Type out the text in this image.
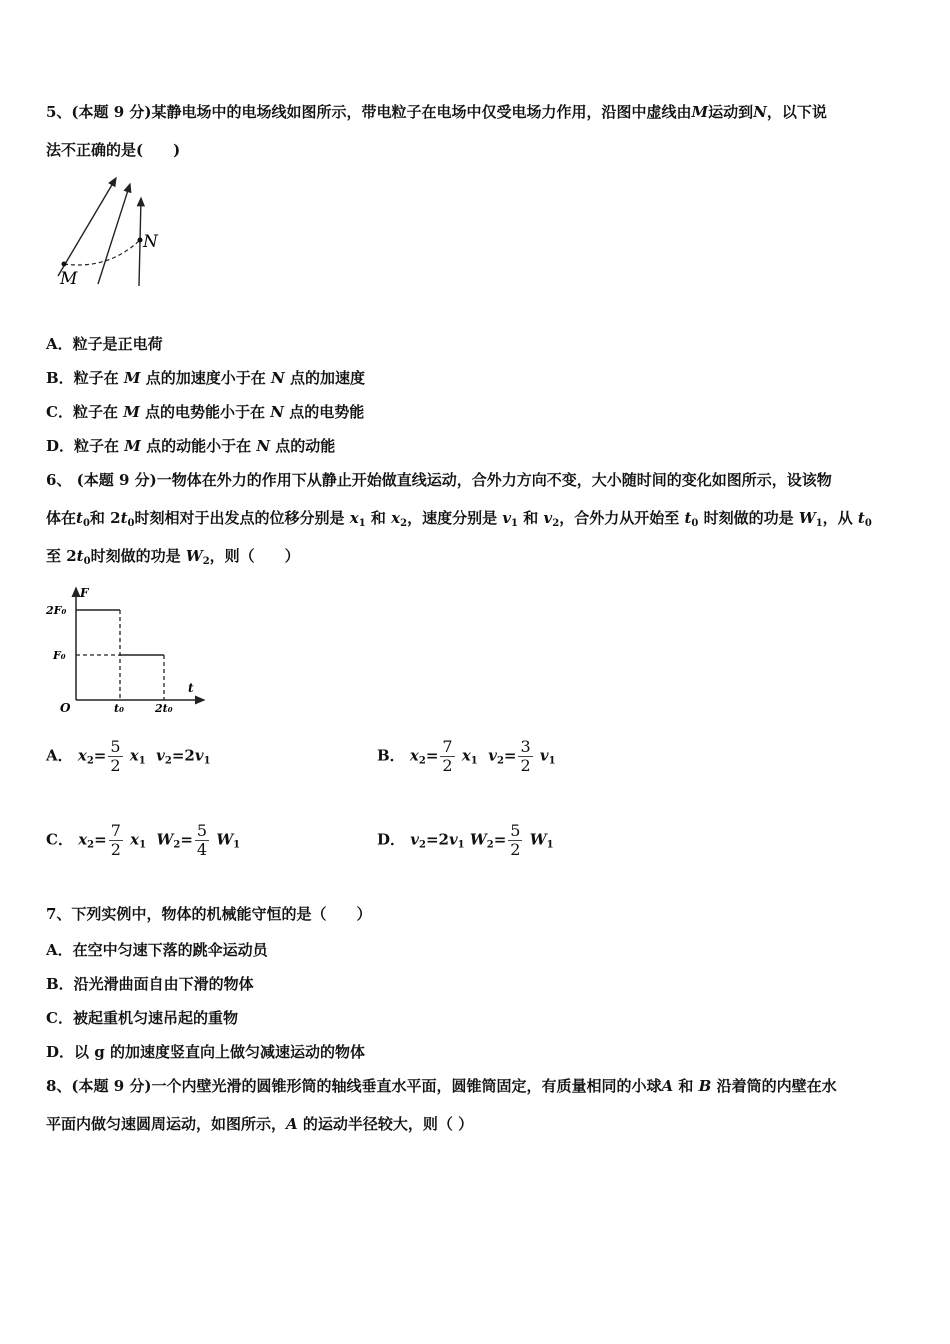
5、(本题 9 分)某静电场中的电场线如图所示，带电粒子在电场中仅受电场力作用，沿图中虚线由M运动到N，以下说
法不正确的是(　　)
M
N
A．粒子是正电荷
B．粒子在 M 点的加速度小于在 N 点的加速度
C．粒子在 M 点的电势能小于在 N 点的电势能
D．粒子在 M 点的动能小于在 N 点的动能
6、 (本题 9 分)一物体在外力的作用下从静止开始做直线运动，合外力方向不变，大小随时间的变化如图所示，设该物
体在$t_0$和 $2t_0$时刻相对于出发点的位移分别是 $x_1$ 和 $x_2$，速度分别是 $v_1$ 和 $v_2$，合外力从开始至 $t_0$ 时刻做的功是 $W_1$，从 $t_0$
至 $2t_0$时刻做的功是 $W_2$，则（　　）
F
2F₀
F₀
O	t₀	2t₀
t
A． $x_2= \frac{5}{2} x_1$ $v_2=2v_1$	B． $x_2= \frac{7}{2} x_1$ $v_2= \frac{3}{2} v_1$
C． $x_2= \frac{7}{2} x_1$ $W_2= \frac{5}{4} W_1$	D． $v_2=2v_1$ $W_2= \frac{5}{2} W_1$
7、下列实例中，物体的机械能守恒的是（　　）
A．在空中匀速下落的跳伞运动员
B．沿光滑曲面自由下滑的物体
C．被起重机匀速吊起的重物
D．以 g 的加速度竖直向上做匀减速运动的物体
8、(本题 9 分)一个内壁光滑的圆锥形筒的轴线垂直水平面，圆锥筒固定，有质量相同的小球A 和 B 沿着筒的内壁在水
平面内做匀速圆周运动，如图所示，A 的运动半径较大，则（ ）
